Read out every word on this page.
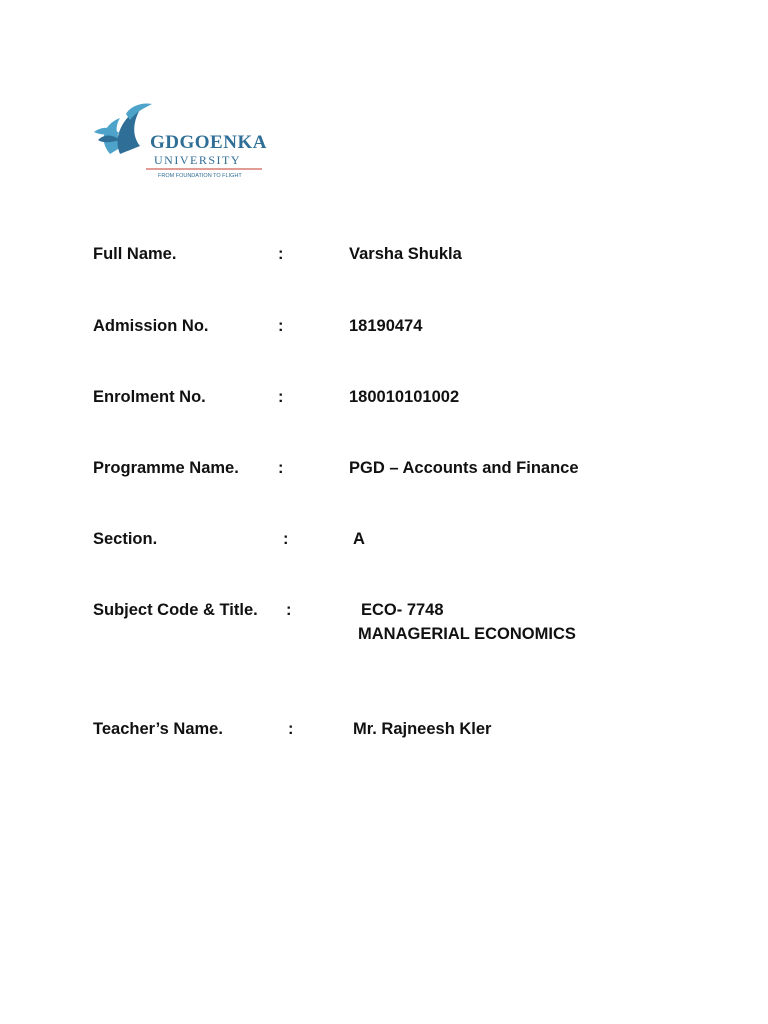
GDGOENKA
UNIVERSITY
FROM FOUNDATION TO FLIGHT
Full Name.	:	Varsha Shukla
Admission No.	:	18190474
Enrolment No.	:	180010101002
Programme Name. :	PGD – Accounts and Finance
Section.	:	A
Subject Code & Title. :	ECO- 7748
MANAGERIAL ECONOMICS
Teacher’s Name.	:	Mr. Rajneesh Kler
